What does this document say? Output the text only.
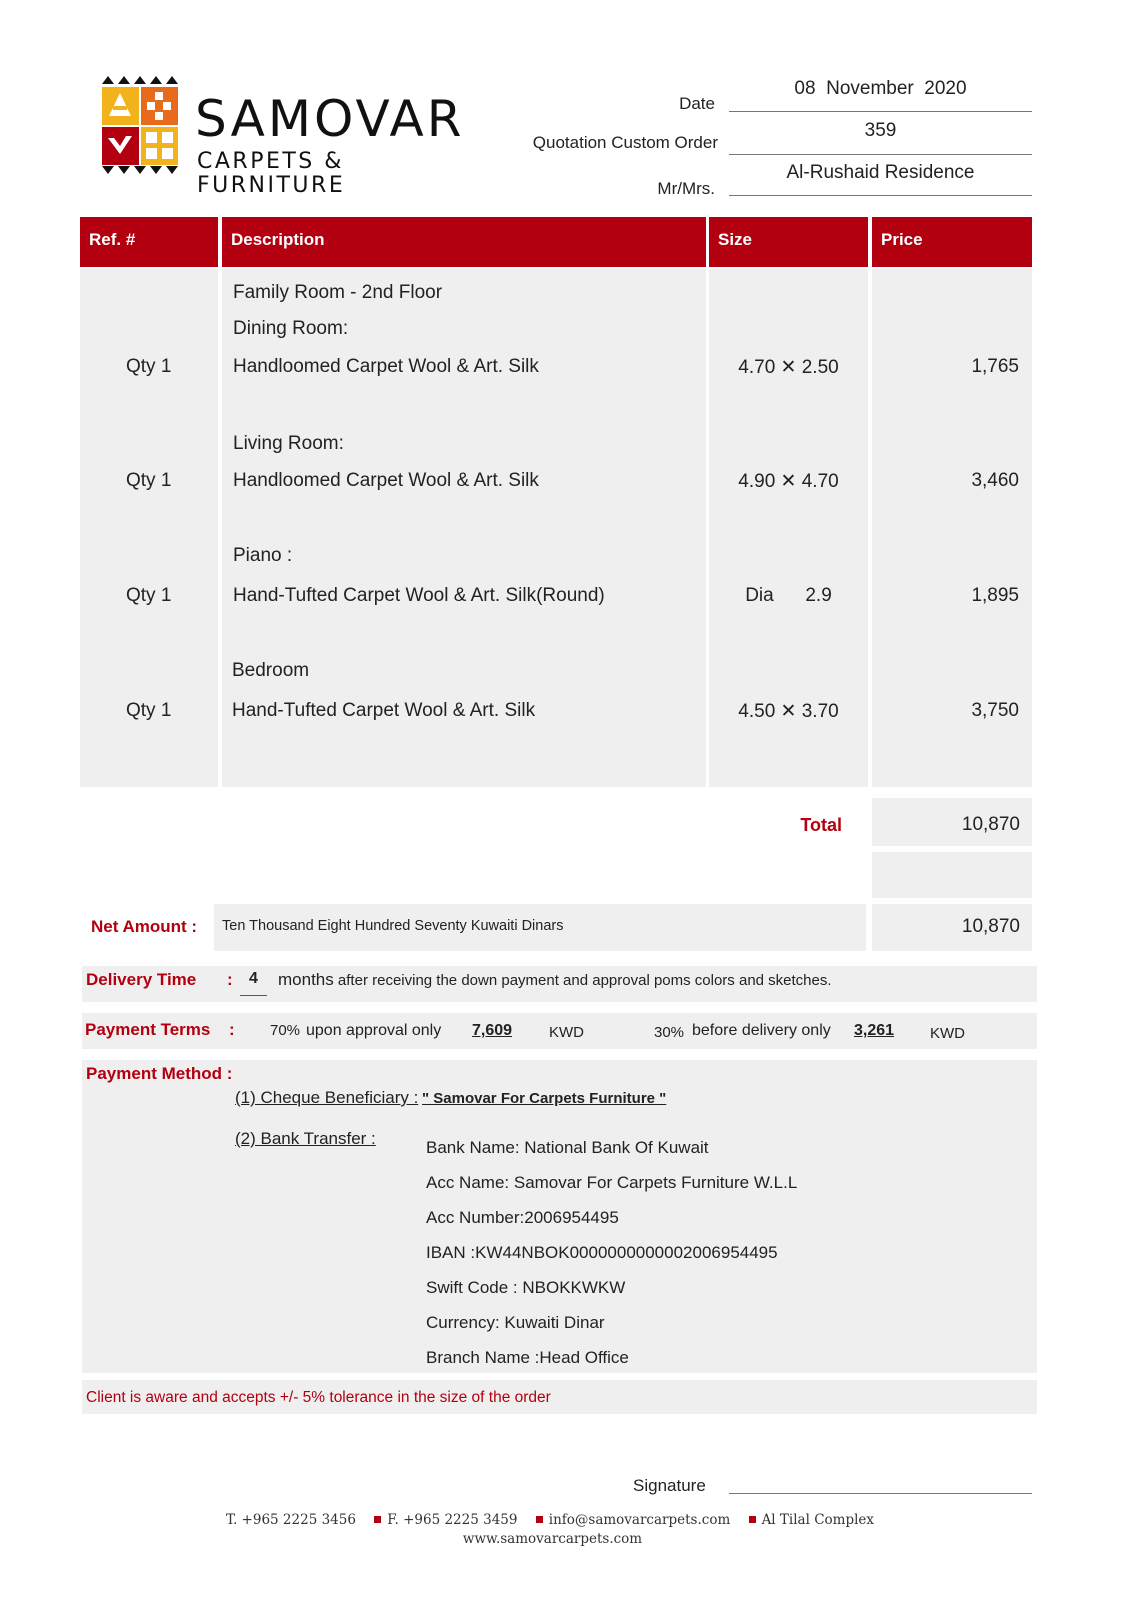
SAMOVAR
CARPETS & FURNITURE
Date
08  November  2020
Quotation Custom Order
359
Mr/Mrs.
Al-Rushaid Residence
Ref. #	Description	Size	Price
Family Room - 2nd Floor
Dining Room:
Qty 1	Handloomed Carpet Wool & Art. Silk	4.70 ✕ 2.50	1,765
Living Room:
Qty 1	Handloomed Carpet Wool & Art. Silk	4.90 ✕ 4.70	3,460
Piano :
Qty 1	Hand-Tufted Carpet Wool & Art. Silk(Round)	Dia      2.9	1,895
Bedroom
Qty 1	Hand-Tufted Carpet Wool & Art. Silk	4.50 ✕ 3.70	3,750
Total	10,870
Net Amount :	Ten Thousand Eight Hundred Seventy Kuwaiti Dinars	10,870
Delivery Time :	4	months after receiving the down payment and approval poms colors and sketches.
Payment Terms : 70% upon approval only 7,609 KWD	30% before delivery only 3,261 KWD
Payment Method :
(1) Cheque Beneficiary : " Samovar For Carpets Furniture "
(2) Bank Transfer :	Bank Name: National Bank Of Kuwait
Acc Name: Samovar For Carpets Furniture W.L.L
Acc Number:2006954495
IBAN :KW44NBOK0000000000002006954495
Swift Code : NBOKKWKW
Currency: Kuwaiti Dinar
Branch Name :Head Office
Client is aware and accepts +/- 5% tolerance in the size of the order
Signature
T. +965 2225 3456 F. +965 2225 3459 info@samovarcarpets.com Al Tilal Complex
www.samovarcarpets.com
